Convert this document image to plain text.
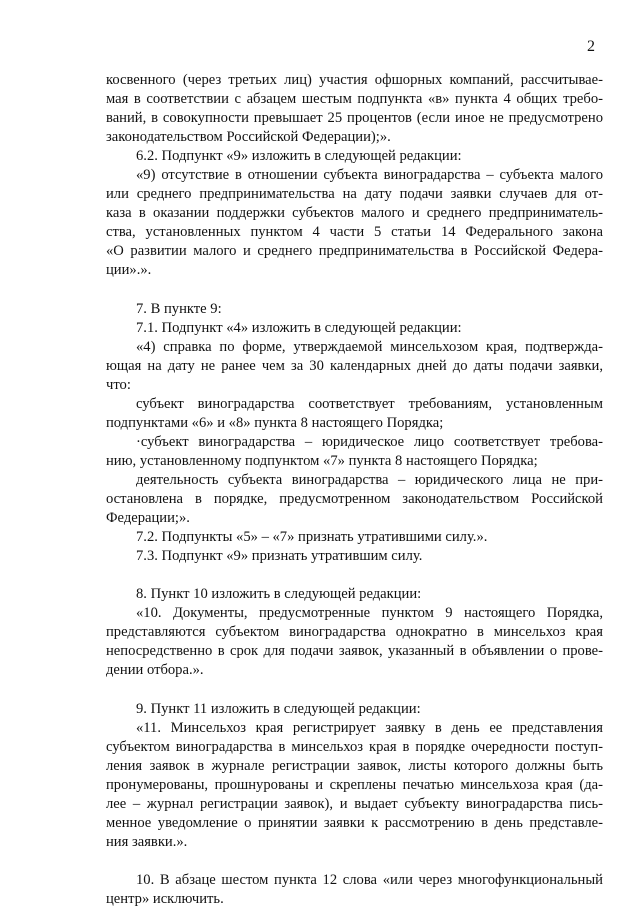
2
косвенного (через третьих лиц) участия офшорных компаний, рассчитывае-
мая в соответствии с абзацем шестым подпункта «в» пункта 4 общих требо-
ваний, в совокупности превышает 25 процентов (если иное не предусмотрено
законодательством Российской Федерации);».
6.2. Подпункт «9» изложить в следующей редакции:
«9) отсутствие в отношении субъекта виноградарства – субъекта малого
или среднего предпринимательства на дату подачи заявки случаев для от-
каза в оказании поддержки субъектов малого и среднего предприниматель-
ства, установленных пунктом 4 части 5 статьи 14 Федерального закона
«О развитии малого и среднего предпринимательства в Российской Федера-
ции».».
7. В пункте 9:
7.1. Подпункт «4» изложить в следующей редакции:
«4) справка по форме, утверждаемой минсельхозом края, подтвержда-
ющая на дату не ранее чем за 30 календарных дней до даты подачи заявки,
что:
субъект виноградарства соответствует требованиям, установленным
подпунктами «6» и «8» пункта 8 настоящего Порядка;
·субъект виноградарства – юридическое лицо соответствует требова-
нию, установленному подпунктом «7» пункта 8 настоящего Порядка;
деятельность субъекта виноградарства – юридического лица не при-
остановлена в порядке, предусмотренном законодательством Российской
Федерации;».
7.2. Подпункты «5» – «7» признать утратившими силу.».
7.3. Подпункт «9» признать утратившим силу.
8. Пункт 10 изложить в следующей редакции:
«10. Документы, предусмотренные пунктом 9 настоящего Порядка,
представляются субъектом виноградарства однократно в минсельхоз края
непосредственно в срок для подачи заявок, указанный в объявлении о прове-
дении отбора.».
9. Пункт 11 изложить в следующей редакции:
«11. Минсельхоз края регистрирует заявку в день ее представления
субъектом виноградарства в минсельхоз края в порядке очередности поступ-
ления заявок в журнале регистрации заявок, листы которого должны быть
пронумерованы, прошнурованы и скреплены печатью минсельхоза края (да-
лее – журнал регистрации заявок), и выдает субъекту виноградарства пись-
менное уведомление о принятии заявки к рассмотрению в день представле-
ния заявки.».
10. В абзаце шестом пункта 12 слова «или через многофункциональный
центр» исключить.
